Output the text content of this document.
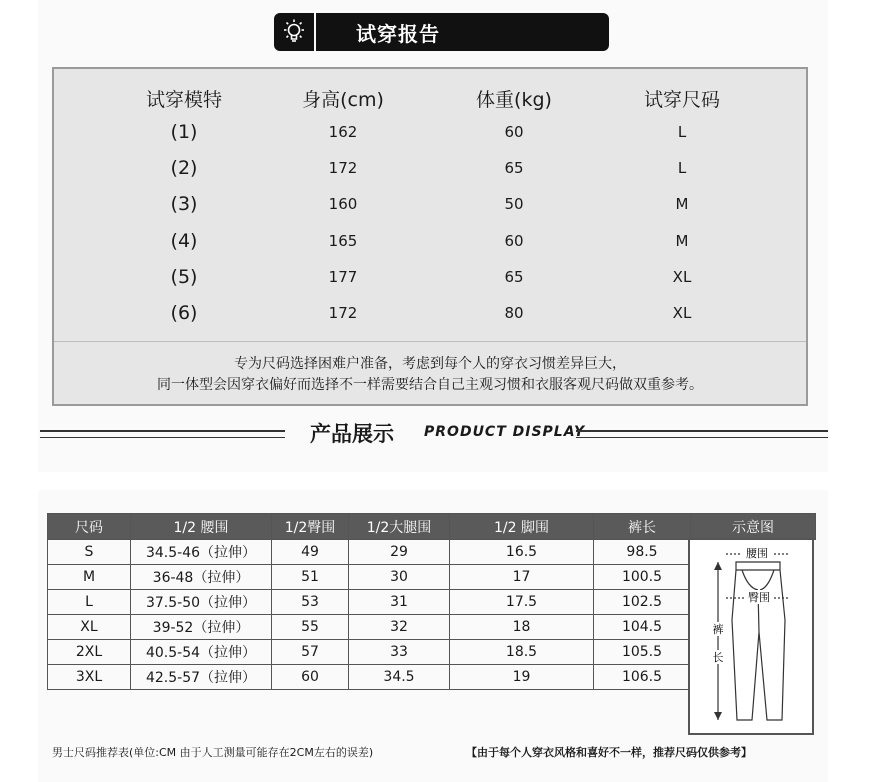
试穿报告
试穿模特	身高(cm)	体重(kg)	试穿尺码
(1)	162	60	L
(2)	172	65	L
(3)	160	50	M
(4)	165	60	M
(5)	177	65	XL
(6)	172	80	XL
专为尺码选择困难户准备，考虑到每个人的穿衣习惯差异巨大，
同一体型会因穿衣偏好而选择不一样需要结合自己主观习惯和衣服客观尺码做双重参考。
产品展示 PRODUCT DISPLAY
尺码	1/2 腰围	1/2臀围	1/2大腿围	1/2 脚围	裤长	示意图
S	34.5-46（拉伸）	49	29	16.5	98.5	
M	36-48（拉伸）	51	30	17	100.5	
L	37.5-50（拉伸）	53	31	17.5	102.5	
XL	39-52（拉伸）	55	32	18	104.5	
2XL	40.5-54（拉伸）	57	33	18.5	105.5	
3XL	42.5-57（拉伸）	60	34.5	19	106.5	
腰围
臀围
裤
长
男士尺码推荐表(单位:CM 由于人工测量可能存在2CM左右的误差)	【由于每个人穿衣风格和喜好不一样，推荐尺码仅供参考】
